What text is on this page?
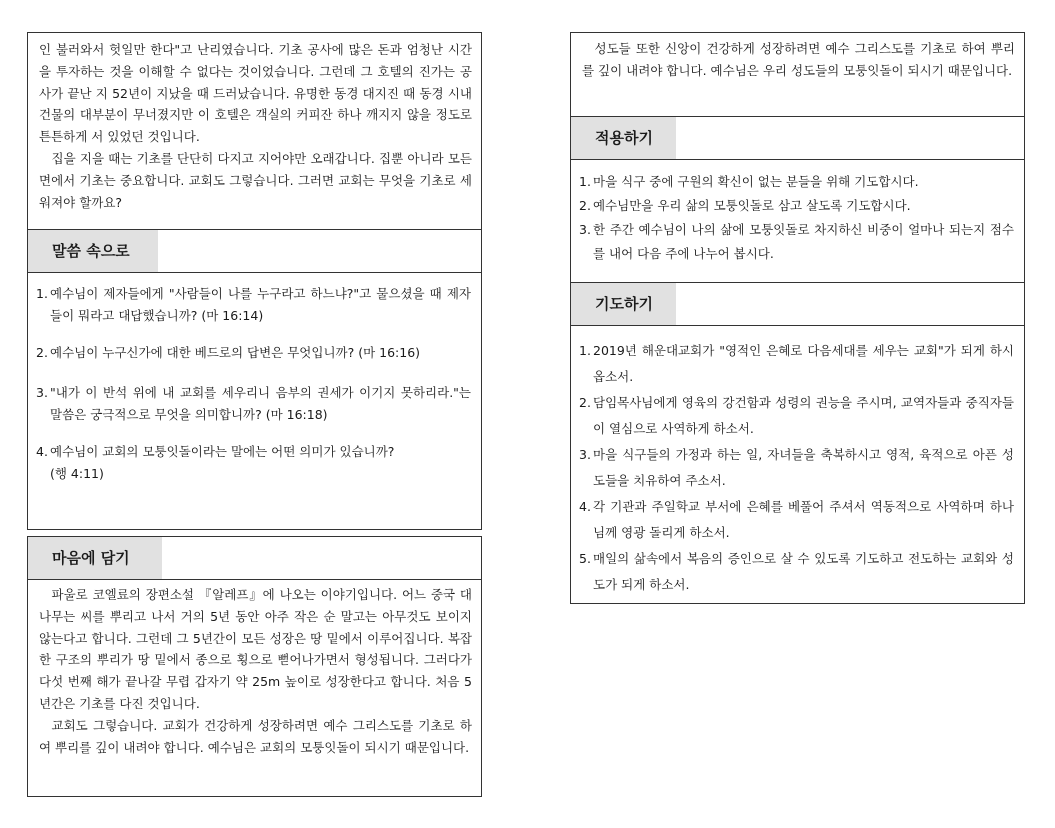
인 불러와서 헛일만 한다"고 난리였습니다. 기초 공사에 많은 돈과 엄청난 시간을 투자하는 것을 이해할 수 없다는 것이었습니다. 그런데 그 호텔의 진가는 공사가 끝난 지 52년이 지났을 때 드러났습니다. 유명한 동경 대지진 때 동경 시내 건물의 대부분이 무너졌지만 이 호텔은 객실의 커피잔 하나 깨지지 않을 정도로 튼튼하게 서 있었던 것입니다.

집을 지을 때는 기초를 단단히 다지고 지어야만 오래갑니다. 집뿐 아니라 모든 면에서 기초는 중요합니다. 교회도 그렇습니다. 그러면 교회는 무엇을 기초로 세워져야 할까요?

말씀 속으로
1. 예수님이 제자들에게 "사람들이 나를 누구라고 하느냐?"고 물으셨을 때 제자들이 뭐라고 대답했습니까? (마 16:14)
2. 예수님이 누구신가에 대한 베드로의 답변은 무엇입니까? (마 16:16)
3. "내가 이 반석 위에 내 교회를 세우리니 음부의 권세가 이기지 못하리라."는 말씀은 궁극적으로 무엇을 의미합니까? (마 16:18)
4. 예수님이 교회의 모퉁잇돌이라는 말에는 어떤 의미가 있습니까?
(행 4:11)
마음에 담기

파울로 코엘료의 장편소설 『알레프』에 나오는 이야기입니다. 어느 중국 대나무는 씨를 뿌리고 나서 거의 5년 동안 아주 작은 순 말고는 아무것도 보이지 않는다고 합니다. 그런데 그 5년간이 모든 성장은 땅 밑에서 이루어집니다. 복잡한 구조의 뿌리가 땅 밑에서 종으로 횡으로 뻗어나가면서 형성됩니다. 그러다가 다섯 번째 해가 끝나갈 무렵 갑자기 약 25m 높이로 성장한다고 합니다. 처음 5년간은 기초를 다진 것입니다.

교회도 그렇습니다. 교회가 건강하게 성장하려면 예수 그리스도를 기초로 하여 뿌리를 깊이 내려야 합니다. 예수님은 교회의 모퉁잇돌이 되시기 때문입니다.

성도들 또한 신앙이 건강하게 성장하려면 예수 그리스도를 기초로 하여 뿌리를 깊이 내려야 합니다. 예수님은 우리 성도들의 모퉁잇돌이 되시기 때문입니다.

적용하기
1. 마을 식구 중에 구원의 확신이 없는 분들을 위해 기도합시다.
2. 예수님만을 우리 삶의 모퉁잇돌로 삼고 살도록 기도합시다.
3. 한 주간 예수님이 나의 삶에 모퉁잇돌로 차지하신 비중이 얼마나 되는지 점수를 내어 다음 주에 나누어 봅시다.
기도하기
1. 2019년 해운대교회가 "영적인 은혜로 다음세대를 세우는 교회"가 되게 하시옵소서.
2. 담임목사님에게 영육의 강건함과 성령의 권능을 주시며, 교역자들과 중직자들이 열심으로 사역하게 하소서.
3. 마을 식구들의 가정과 하는 일, 자녀들을 축복하시고 영적, 육적으로 아픈 성도들을 치유하여 주소서.
4. 각 기관과 주일학교 부서에 은혜를 베풀어 주셔서 역동적으로 사역하며 하나님께 영광 돌리게 하소서.
5. 매일의 삶속에서 복음의 증인으로 살 수 있도록 기도하고 전도하는 교회와 성도가 되게 하소서.
